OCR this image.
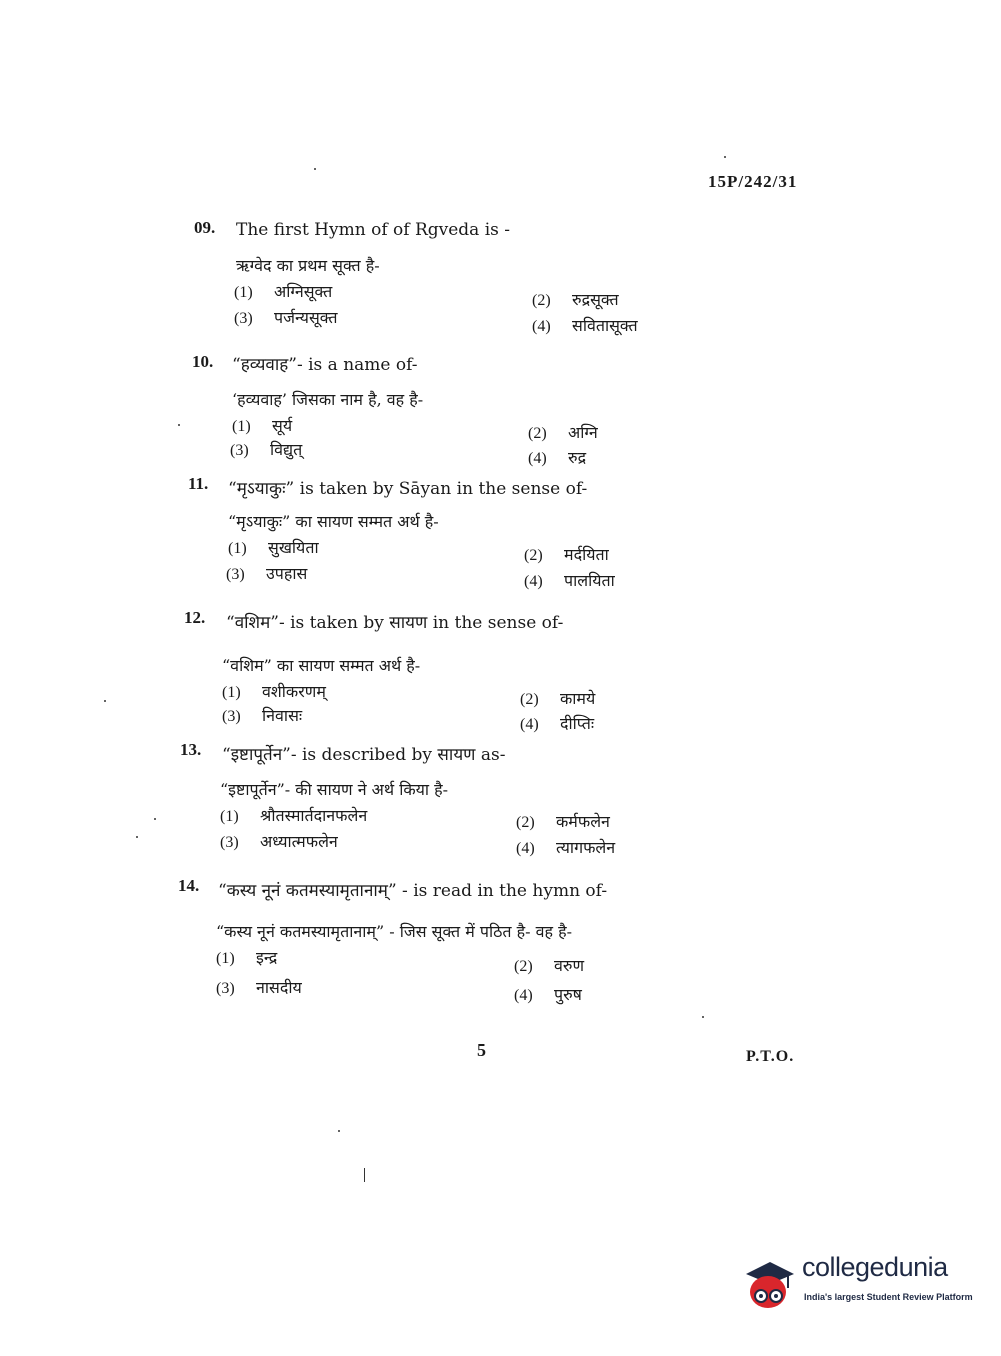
15P/242/31
09. The first Hymn of of Rgveda is -
ऋग्वेद का प्रथम सूक्त है-
(1) अग्निसूक्त	(2) रुद्रसूक्त
(3) पर्जन्यसूक्त	(4) सवितासूक्त
10. “हव्यवाह”- is a name of-
‘हव्यवाह’ जिसका नाम है, वह है-
(1) सूर्य	(2) अग्नि
(3) विद्युत्	(4) रुद्र
11. “मृऽयाकुः” is taken by Sāyan in the sense of-
“मृऽयाकुः” का सायण सम्मत अर्थ है-
(1) सुखयिता	(2) मर्दयिता
(3) उपहास	(4) पालयिता
12. “वशिम”- is taken by सायण in the sense of-
“वशिम” का सायण सम्मत अर्थ है-
(1) वशीकरणम्	(2) कामये
(3) निवासः	(4) दीप्तिः
13. “इष्टापूर्तेन”- is described by सायण as-
“इष्टापूर्तेन”- की सायण ने अर्थ किया है-
(1) श्रौतस्मार्तदानफलेन	(2) कर्मफलेन
(3) अध्यात्मफलेन	(4) त्यागफलेन
14. “कस्य नूनं कतमस्यामृतानाम्” - is read in the hymn of-
“कस्य नूनं कतमस्यामृतानाम्” - जिस सूक्त में पठित है- वह है-
(1) इन्द्र	(2) वरुण
(3) नासदीय	(4) पुरुष
5	P.T.O.
collegedunia
India's largest Student Review Platform
